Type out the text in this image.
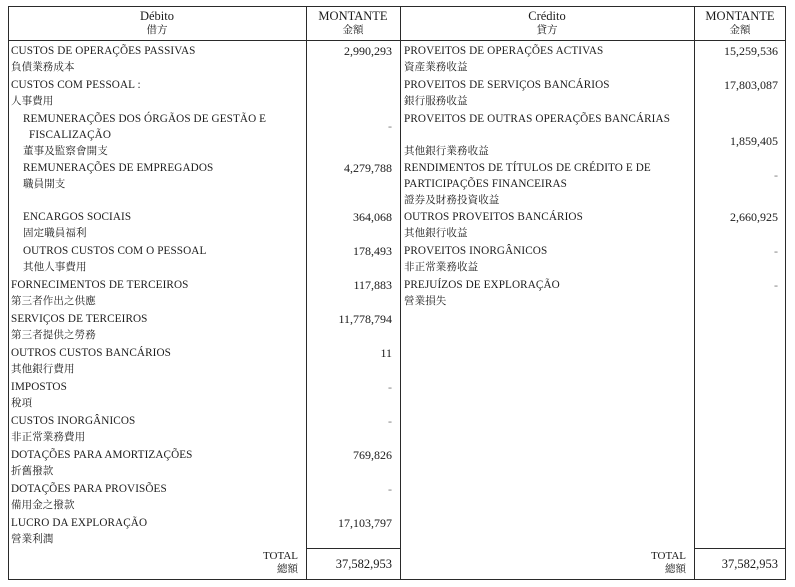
Débito
借方
MONTANTE
金額
Crédito
貸方
MONTANTE
金額
CUSTOS DE OPERAÇÕES PASSIVAS
負債業務成本
2,990,293
CUSTOS COM PESSOAL :
人事費用
REMUNERAÇÕES DOS ÓRGÃOS DE GESTÃO E
FISCALIZAÇÃO
董事及監察會開支
-
REMUNERAÇÕES DE EMPREGADOS
職員開支
4,279,788
ENCARGOS SOCIAIS
固定職員福利
364,068
OUTROS CUSTOS COM O PESSOAL
其他人事費用
178,493
FORNECIMENTOS DE TERCEIROS
第三者作出之供應
117,883
SERVIÇOS DE TERCEIROS
第三者提供之勞務
11,778,794
OUTROS CUSTOS BANCÁRIOS
其他銀行費用
11
IMPOSTOS
稅項
-
CUSTOS INORGÂNICOS
非正常業務費用
-
DOTAÇÕES PARA AMORTIZAÇÕES
折舊撥款
769,826
DOTAÇÕES PARA PROVISÕES
備用金之撥款
-
LUCRO DA EXPLORAÇÃO
營業利潤
17,103,797
PROVEITOS DE OPERAÇÕES ACTIVAS
資產業務收益
15,259,536
PROVEITOS DE SERVIÇOS BANCÁRIOS
銀行服務收益
17,803,087
PROVEITOS DE OUTRAS OPERAÇÕES BANCÁRIAS
其他銀行業務收益
1,859,405
RENDIMENTOS DE TÍTULOS DE CRÉDITO E DE
PARTICIPAÇÕES FINANCEIRAS
證券及財務投資收益
-
OUTROS PROVEITOS BANCÁRIOS
其他銀行收益
2,660,925
PROVEITOS INORGÂNICOS
非正常業務收益
-
PREJUÍZOS DE EXPLORAÇÃO
營業損失
-
TOTAL
總額	37,582,953
TOTAL
總額	37,582,953
